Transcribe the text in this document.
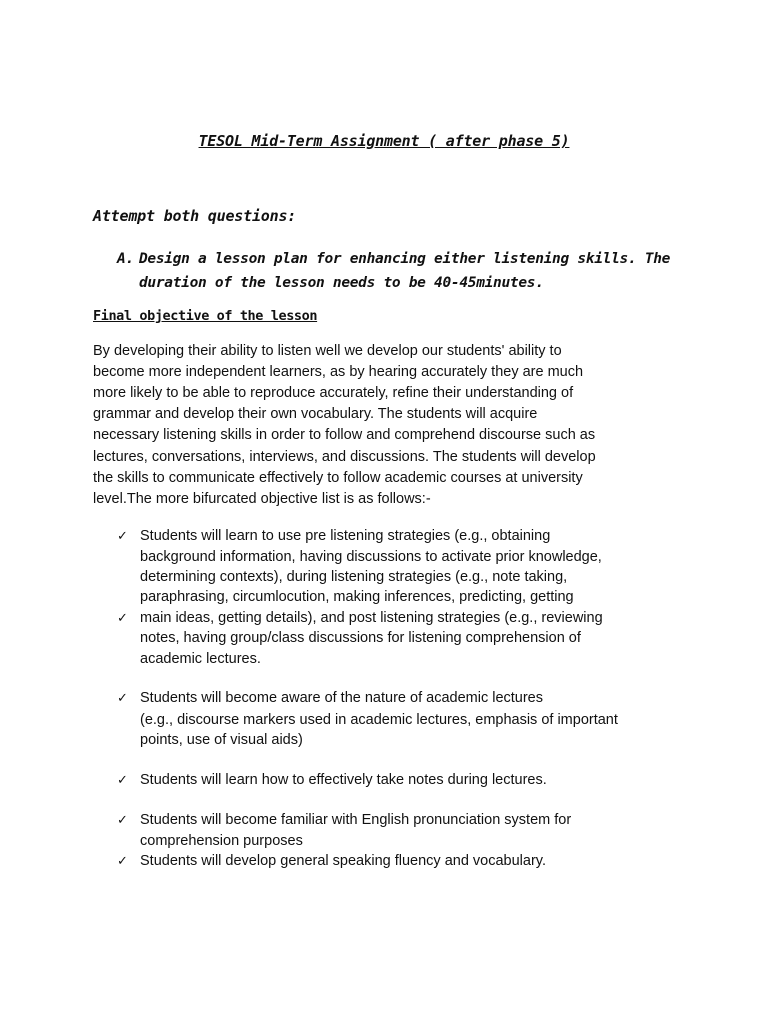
TESOL Mid-Term Assignment ( after phase 5)
Attempt both questions:
A. Design a lesson plan for enhancing either listening skills. The
duration of the lesson needs to be 40-45minutes.
Final objective of the lesson
By developing their ability to listen well we develop our students' ability to
become more independent learners, as by hearing accurately they are much
more likely to be able to reproduce accurately, refine their understanding of
grammar and develop their own vocabulary. The students will acquire
necessary listening skills in order to follow and comprehend discourse such as
lectures, conversations, interviews, and discussions. The students will develop
the skills to communicate effectively to follow academic courses at university
level.The more bifurcated objective list is as follows:-
✓ Students will learn to use pre listening strategies (e.g., obtaining
background information, having discussions to activate prior knowledge,
determining contexts), during listening strategies (e.g., note taking,
paraphrasing, circumlocution, making inferences, predicting, getting
✓ main ideas, getting details), and post listening strategies (e.g., reviewing
notes, having group/class discussions for listening comprehension of
academic lectures.
✓ Students will become aware of the nature of academic lectures
(e.g., discourse markers used in academic lectures, emphasis of important
points, use of visual aids)
✓ Students will learn how to effectively take notes during lectures.
✓ Students will become familiar with English pronunciation system for
comprehension purposes
✓ Students will develop general speaking fluency and vocabulary.
